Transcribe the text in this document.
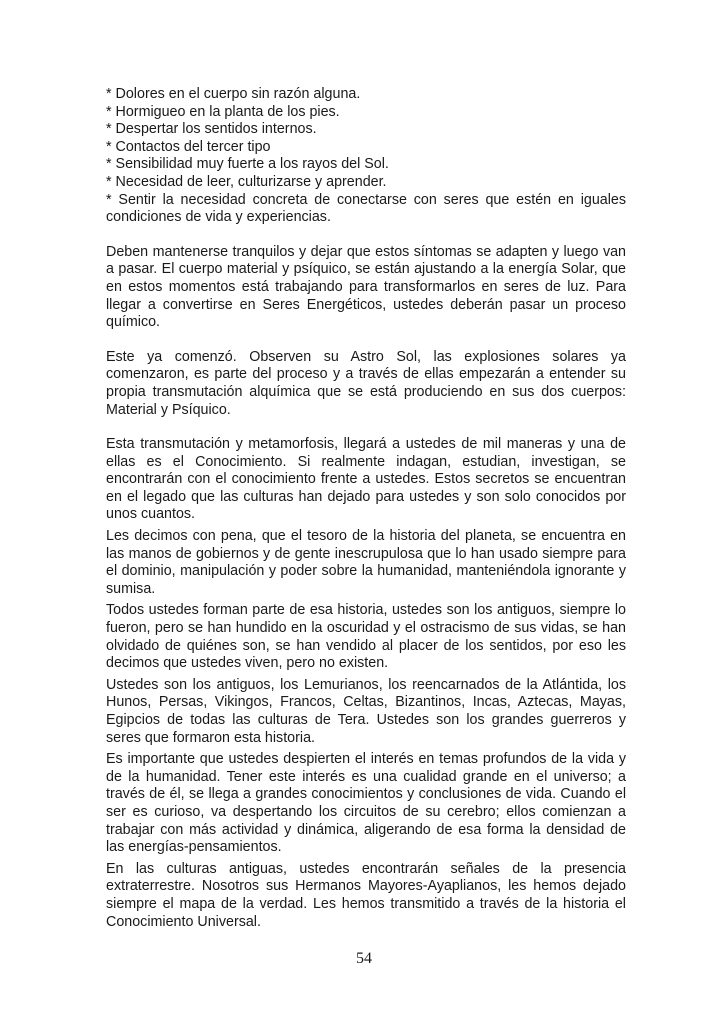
* Dolores en el cuerpo sin razón alguna.
* Hormigueo en la planta de los pies.
* Despertar los sentidos internos.
* Contactos del tercer tipo
* Sensibilidad muy fuerte a los rayos del Sol.
* Necesidad de leer, culturizarse y aprender.
* Sentir la necesidad concreta de conectarse con seres que estén en iguales condiciones de vida y experiencias.

Deben mantenerse tranquilos y dejar que estos síntomas se adapten y luego van a pasar. El cuerpo material y psíquico, se están ajustando a la energía Solar, que en estos momentos está trabajando para transformarlos en seres de luz. Para llegar a convertirse en Seres Energéticos, ustedes deberán pasar un proceso químico.

Este ya comenzó. Observen su Astro Sol, las explosiones solares ya comenzaron, es parte del proceso y a través de ellas empezarán a entender su propia transmutación alquímica que se está produciendo en sus dos cuerpos: Material y Psíquico.

Esta transmutación y metamorfosis, llegará a ustedes de mil maneras y una de ellas es el Conocimiento. Si realmente indagan, estudian, investigan, se encontrarán con el conocimiento frente a ustedes. Estos secretos se encuentran en el legado que las culturas han dejado para ustedes y son solo conocidos por unos cuantos.

Les decimos con pena, que el tesoro de la historia del planeta, se encuentra en las manos de gobiernos y de gente inescrupulosa que lo han usado siempre para el dominio, manipulación y poder sobre la humanidad, manteniéndola ignorante y sumisa.

Todos ustedes forman parte de esa historia, ustedes son los antiguos, siempre lo fueron, pero se han hundido en la oscuridad y el ostracismo de sus vidas, se han olvidado de quiénes son, se han vendido al placer de los sentidos, por eso les decimos que ustedes viven, pero no existen.

Ustedes son los antiguos, los Lemurianos, los reencarnados de la Atlántida, los Hunos, Persas, Vikingos, Francos, Celtas, Bizantinos, Incas, Aztecas, Mayas, Egipcios de todas las culturas de Tera. Ustedes son los grandes guerreros y seres que formaron esta historia.

Es importante que ustedes despierten el interés en temas profundos de la vida y de la humanidad. Tener este interés es una cualidad grande en el universo; a través de él, se llega a grandes conocimientos y conclusiones de vida. Cuando el ser es curioso, va despertando los circuitos de su cerebro; ellos comienzan a trabajar con más actividad y dinámica, aligerando de esa forma la densidad de las energías-pensamientos.

En las culturas antiguas, ustedes encontrarán señales de la presencia extraterrestre. Nosotros sus Hermanos Mayores-Ayaplianos, les hemos dejado siempre el mapa de la verdad. Les hemos transmitido a través de la historia el Conocimiento Universal.

54
